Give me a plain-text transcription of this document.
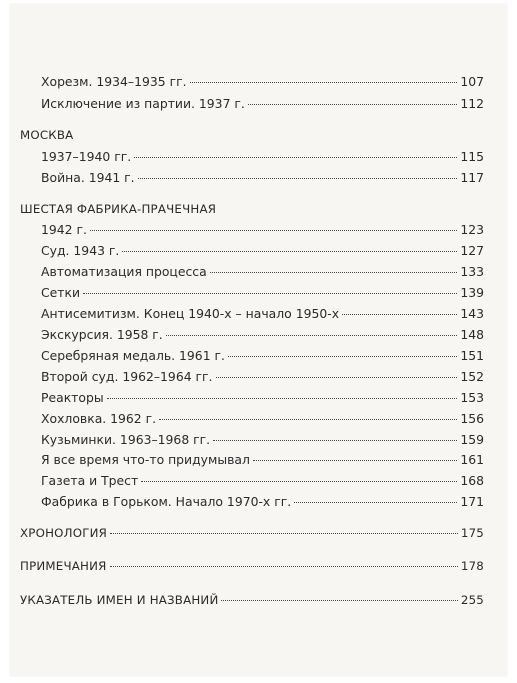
Хорезм. 1934–1935 гг.	107
Исключение из партии. 1937 г.	112
МОСКВА
1937–1940 гг.	115
Война. 1941 г.	117
ШЕСТАЯ ФАБРИКА-ПРАЧЕЧНАЯ
1942 г.	123
Суд. 1943 г.	127
Автоматизация процесса	133
Сетки	139
Антисемитизм. Конец 1940-х – начало 1950-х	143
Экскурсия. 1958 г.	148
Серебряная медаль. 1961 г.	151
Второй суд. 1962–1964 гг.	152
Реакторы	153
Хохловка. 1962 г.	156
Кузьминки. 1963–1968 гг.	159
Я все время что-то придумывал	161
Газета и Трест	168
Фабрика в Горьком. Начало 1970-х гг.	171
ХРОНОЛОГИЯ	175
ПРИМЕЧАНИЯ	178
УКАЗАТЕЛЬ ИМЕН И НАЗВАНИЙ	255
